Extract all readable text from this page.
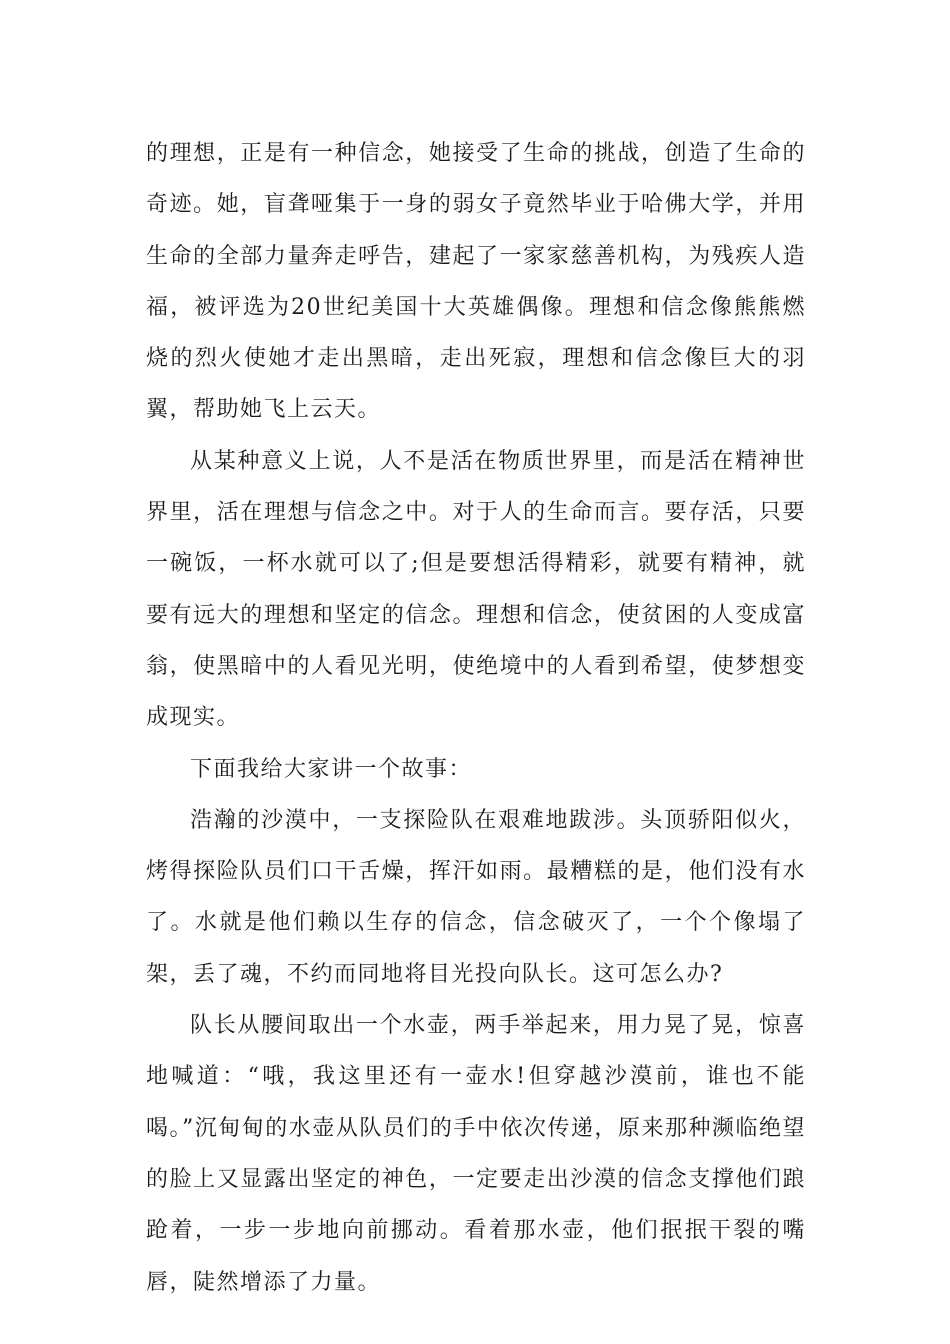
的理想，正是有一种信念，她接受了生命的挑战，创造了生命的奇迹。她，盲聋哑集于一身的弱女子竟然毕业于哈佛大学，并用生命的全部力量奔走呼告，建起了一家家慈善机构，为残疾人造福，被评选为20世纪美国十大英雄偶像。理想和信念像熊熊燃烧的烈火使她才走出黑暗，走出死寂，理想和信念像巨大的羽翼，帮助她飞上云天。

从某种意义上说，人不是活在物质世界里，而是活在精神世界里，活在理想与信念之中。对于人的生命而言。要存活，只要一碗饭，一杯水就可以了;但是要想活得精彩，就要有精神，就要有远大的理想和坚定的信念。理想和信念，使贫困的人变成富翁，使黑暗中的人看见光明，使绝境中的人看到希望，使梦想变成现实。

下面我给大家讲一个故事：

浩瀚的沙漠中，一支探险队在艰难地跋涉。头顶骄阳似火，烤得探险队员们口干舌燥，挥汗如雨。最糟糕的是，他们没有水了。水就是他们赖以生存的信念，信念破灭了，一个个像塌了架，丢了魂，不约而同地将目光投向队长。这可怎么办?

队长从腰间取出一个水壶，两手举起来，用力晃了晃，惊喜地喊道：“哦，我这里还有一壶水!但穿越沙漠前，谁也不能喝。”沉甸甸的水壶从队员们的手中依次传递，原来那种濒临绝望的脸上又显露出坚定的神色，一定要走出沙漠的信念支撑他们踉跄着，一步一步地向前挪动。看着那水壶，他们抿抿干裂的嘴唇，陡然增添了力量。
